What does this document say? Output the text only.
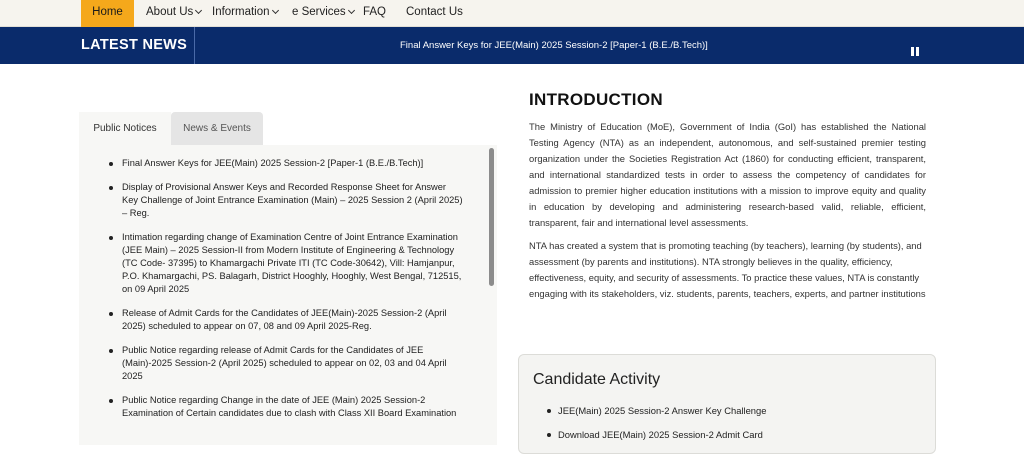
Home	About Us	Information	e Services	FAQ Contact Us
LATEST NEWS	Final Answer Keys for JEE(Main) 2025 Session-2 [Paper-1 (B.E./B.Tech)]
Public Notices	News & Events
Final Answer Keys for JEE(Main) 2025 Session-2 [Paper-1 (B.E./B.Tech)]
Display of Provisional Answer Keys and Recorded Response Sheet for Answer Key Challenge of Joint Entrance Examination (Main) – 2025 Session 2 (April 2025) – Reg.
Intimation regarding change of Examination Centre of Joint Entrance Examination (JEE Main) – 2025 Session-II from Modern Institute of Engineering & Technology (TC Code- 37395) to Khamargachi Private ITI (TC Code-30642), Vill: Hamjanpur, P.O. Khamargachi, PS. Balagarh, District Hooghly, Hooghly, West Bengal, 712515, on 09 April 2025
Release of Admit Cards for the Candidates of JEE(Main)-2025 Session-2 (April 2025) scheduled to appear on 07, 08 and 09 April 2025-Reg.
Public Notice regarding release of Admit Cards for the Candidates of JEE (Main)-2025 Session-2 (April 2025) scheduled to appear on 02, 03 and 04 April 2025
Public Notice regarding Change in the date of JEE (Main) 2025 Session-2 Examination of Certain candidates due to clash with Class XII Board Examination
INTRODUCTION

The Ministry of Education (MoE), Government of India (GoI) has established the National Testing Agency (NTA) as an independent, autonomous, and self-sustained premier testing organization under the Societies Registration Act (1860) for conducting efficient, transparent, and international standardized tests in order to assess the competency of candidates for admission to premier higher education institutions with a mission to improve equity and quality in education by developing and administering research-based valid, reliable, efficient, transparent, fair and international level assessments.

NTA has created a system that is promoting teaching (by teachers), learning (by students), and assessment (by parents and institutions). NTA strongly believes in the quality, efficiency, effectiveness, equity, and security of assessments. To practice these values, NTA is constantly engaging with its stakeholders, viz. students, parents, teachers, experts, and partner institutions

Candidate Activity
JEE(Main) 2025 Session-2 Answer Key Challenge
Download JEE(Main) 2025 Session-2 Admit Card
